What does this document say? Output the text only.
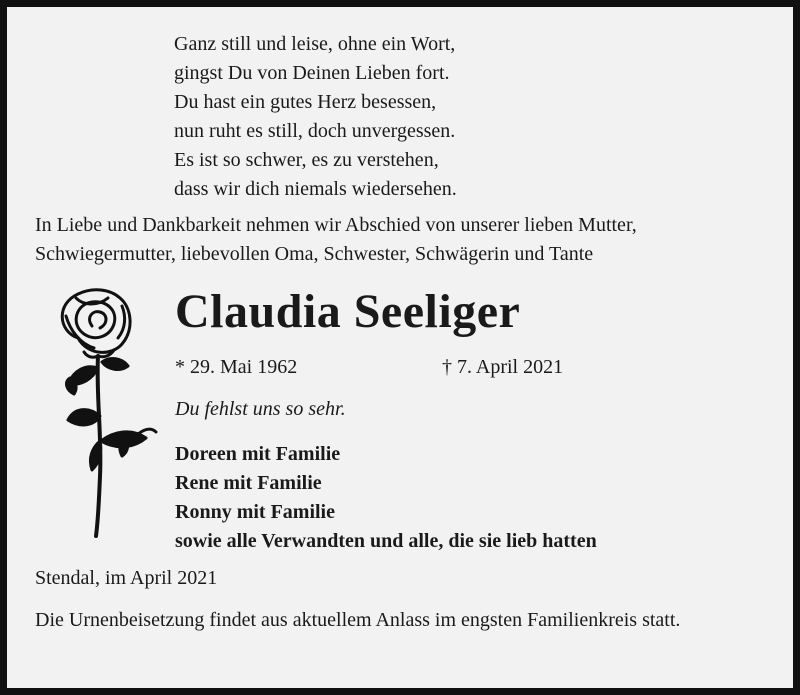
Ganz still und leise, ohne ein Wort,
gingst Du von Deinen Lieben fort.
Du hast ein gutes Herz besessen,
nun ruht es still, doch unvergessen.
Es ist so schwer, es zu verstehen,
dass wir dich niemals wiedersehen.
In Liebe und Dankbarkeit nehmen wir Abschied von unserer lieben Mutter,
Schwiegermutter, liebevollen Oma, Schwester, Schwägerin und Tante
Claudia Seeliger
* 29. Mai 1962	† 7. April 2021
Du fehlst uns so sehr.
Doreen mit Familie
Rene mit Familie
Ronny mit Familie
sowie alle Verwandten und alle, die sie lieb hatten
Stendal, im April 2021
Die Urnenbeisetzung findet aus aktuellem Anlass im engsten Familienkreis statt.
